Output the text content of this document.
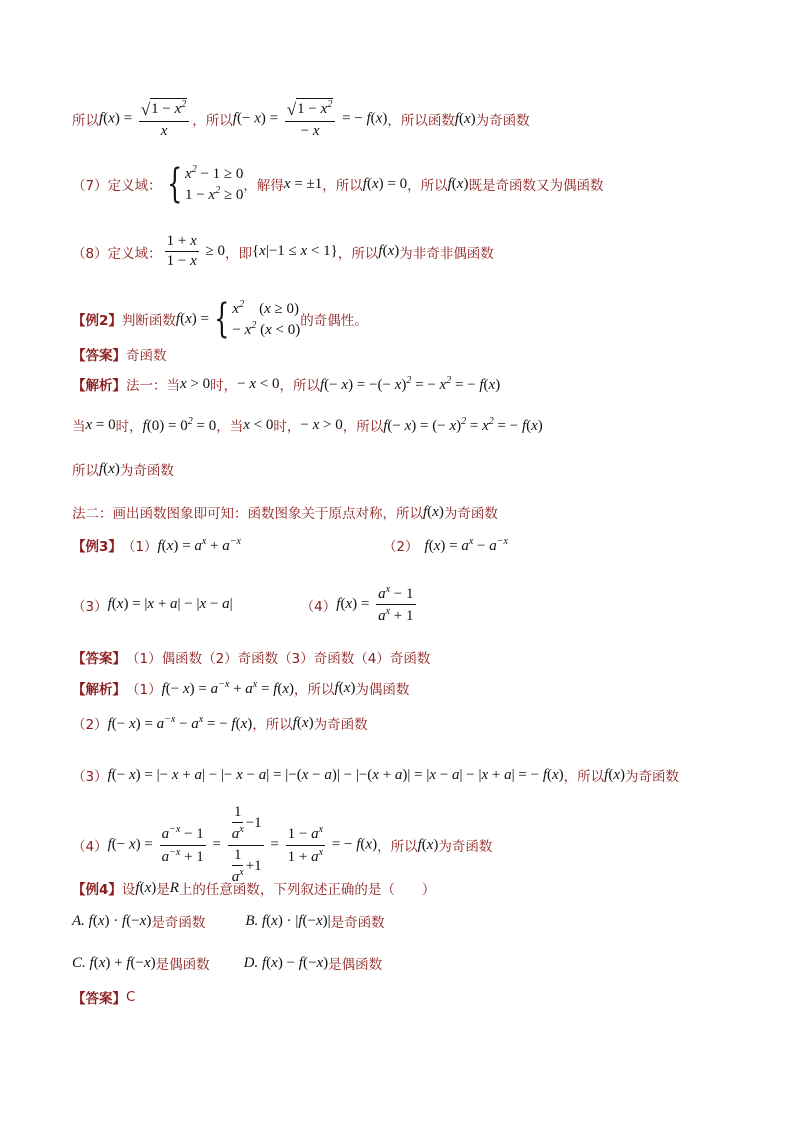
所以 $f(x) = \frac{√ 1 - x^2}{x}$ ，所以 $f(- x) = \frac{√ 1 - x^2}{- x}$ = − f(x) ，所以函数 f(x) 为奇函数
（7）定义域： { $x^2 - 1 \ge 0$
$1 - x^2 \ge 0$
，解得 x = ±1 ，所以 f(x) = 0 ，所以 f(x) 既是奇函数又为偶函数
（8）定义域： $\frac{1 + x}{1 - x} \ge 0$ ，即 {x|−1 ≤ x < 1} ，所以 f(x) 为非奇非偶函数
【例2】 判断函数 f(x) = { $x^2$　(x ≥ 0)
− $x^2$ (x < 0)
的奇偶性。
【答案】 奇函数
【解析】 法一：当 x > 0 时， − x < 0 ，所以 f(− x) = −(− x)$^2$ = − $x^2$ = − f(x)
当 x = 0 时， $f(0) = 0^2 = 0$ ，当 x < 0 时， − x > 0 ，所以 f(− x) = (− $x)^2 = x^2$ = − f(x)
所以 f(x) 为奇函数
法二：画出函数图象即可知：函数图象关于原点对称，所以 f(x) 为奇函数
【例3】 （1） $f(x) = a^x + a^{-x}$	（2） $f(x) = a^x - a^{-x}$
（3） f(x) = |x + a| − |x − a|	（4） $f(x) = \frac{a^x - 1}{a^x + 1}$
【答案】 （1）偶函数（2）奇函数（3）奇函数（4）奇函数
【解析】 （1） $f(- x) = a^{-x} + a^x = f(x)$ ，所以 f(x) 为偶函数
（2） $f(- x) = a^{-x} - a^x$ = − f(x) ，所以 f(x) 为奇函数
（3） f(− x) = |− x + a| − |− x − a| = |−(x − a)| − |−(x + a)| = |x − a| − |x + a| = − f(x) ，所以 f(x) 为奇函数
（4） $f(- x) = \frac{a^{-x} - 1}{a^{-x} + 1} = \frac{\frac{1}{a^x} -1}{\frac{1}{a^x} +1} = \frac{1 - a^x}{1 + a^x}$ = − f(x) ，所以 f(x) 为奇函数
【例4】 设 f(x) 是 R 上的任意函数，下列叙述正确的是（　　）
A. f(x) · f(−x) 是奇函数	B. f(x) · |f(−x)| 是奇函数
C. f(x) + f(−x) 是偶函数 D. f(x) − f(−x) 是偶函数
【答案】 C
